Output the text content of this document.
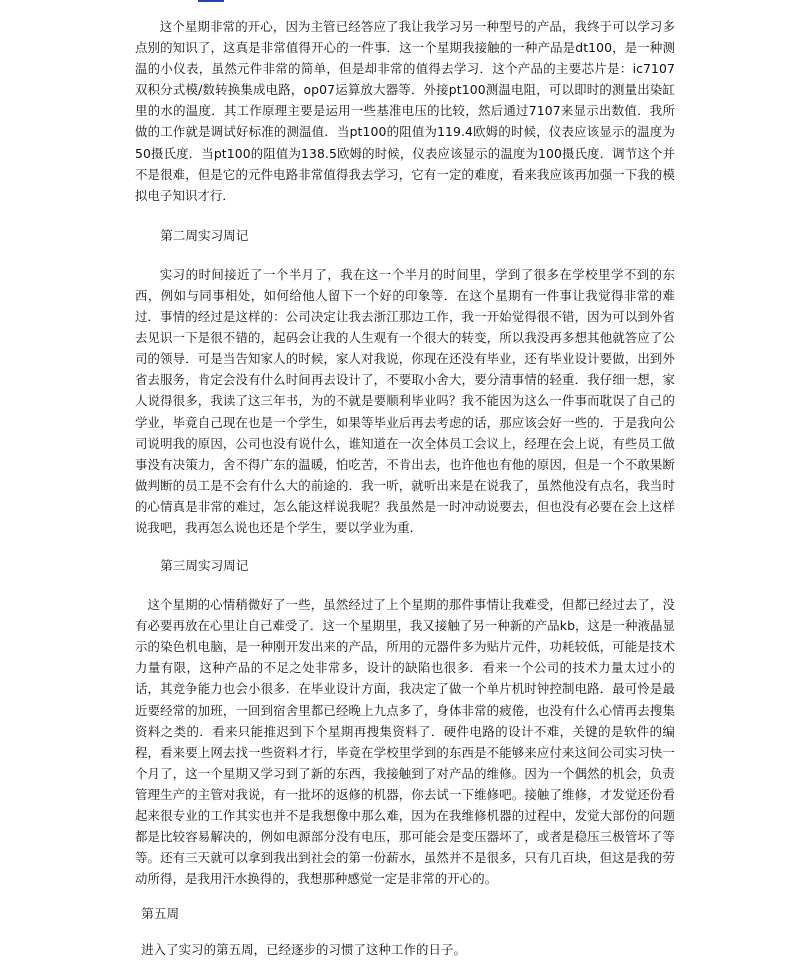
这个星期非常的开心，因为主管已经答应了我让我学习另一种型号的产品，我终于可以学习多点别的知识了，这真是非常值得开心的一件事．这一个星期我接触的一种产品是dt100，是一种测温的小仪表，虽然元件非常的简单，但是却非常的值得去学习．这个产品的主要芯片是：ic7107双积分式模/数转换集成电路，op07运算放大器等．外接pt100测温电阻，可以即时的测量出染缸里的水的温度．其工作原理主要是运用一些基准电压的比较，然后通过7107来显示出数值．我所做的工作就是调试好标准的测温值．当pt100的阻值为119.4欧姆的时候，仪表应该显示的温度为50摄氏度．当pt100的阻值为138.5欧姆的时候，仪表应该显示的温度为100摄氏度．调节这个并不是很难，但是它的元件电路非常值得我去学习，它有一定的难度，看来我应该再加强一下我的模拟电子知识才行．

第二周实习周记

实习的时间接近了一个半月了，我在这一个半月的时间里，学到了很多在学校里学不到的东西，例如与同事相处，如何给他人留下一个好的印象等．在这个星期有一件事让我觉得非常的难过．事情的经过是这样的：公司决定让我去浙江那边工作，我一开始觉得很不错，因为可以到外省去见识一下是很不错的，起码会让我的人生观有一个很大的转变，所以我没再多想其他就答应了公司的领导．可是当告知家人的时候，家人对我说，你现在还没有毕业，还有毕业设计要做，出到外省去服务，肯定会没有什么时间再去设计了，不要取小舍大，要分清事情的轻重．我仔细一想，家人说得很多，我读了这三年书，为的不就是要顺利毕业吗？我不能因为这么一件事而耽误了自己的学业，毕竟自己现在也是一个学生，如果等毕业后再去考虑的话，那应该会好一些的．于是我向公司说明我的原因，公司也没有说什么，谁知道在一次全体员工会议上，经理在会上说，有些员工做事没有决策力，舍不得广东的温暖，怕吃苦，不肯出去，也许他也有他的原因，但是一个不敢果断做判断的员工是不会有什么大的前途的．我一听，就听出来是在说我了，虽然他没有点名，我当时的心情真是非常的难过，怎么能这样说我呢？我虽然是一时冲动说要去，但也没有必要在会上这样说我吧，我再怎么说也还是个学生，要以学业为重．

第三周实习周记

这个星期的心情稍微好了一些，虽然经过了上个星期的那件事情让我难受，但都已经过去了，没有必要再放在心里让自己难受了．这一个星期里，我又接触了另一种新的产品kb，这是一种液晶显示的染色机电脑，是一种刚开发出来的产品，所用的元器件多为贴片元件，功耗较低，可能是技术力量有限，这种产品的不足之处非常多，设计的缺陷也很多．看来一个公司的技术力量太过小的话，其竞争能力也会小很多．在毕业设计方面，我决定了做一个单片机时钟控制电路．最可怜是最近要经常的加班，一回到宿舍里都已经晚上九点多了，身体非常的疲倦，也没有什么心情再去搜集资料之类的．看来只能推迟到下个星期再搜集资料了．硬件电路的设计不难，关键的是软件的编程，看来要上网去找一些资料才行，毕竟在学校里学到的东西是不能够来应付来这间公司实习快一个月了，这一个星期又学习到了新的东西，我接触到了对产品的维修。因为一个偶然的机会，负责管理生产的主管对我说，有一批坏的返修的机器，你去试一下维修吧。接触了维修，才发觉还份看起来很专业的工作其实也并不是我想像中那么难，因为在我维修机器的过程中，发觉大部份的问题都是比较容易解决的，例如电源部分没有电压，那可能会是变压器坏了，或者是稳压三极管坏了等等。还有三天就可以拿到我出到社会的第一份薪水，虽然并不是很多，只有几百块，但这是我的劳动所得，是我用汗水换得的，我想那种感觉一定是非常的开心的。

第五周

进入了实习的第五周，已经逐步的习惯了这种工作的日子。
